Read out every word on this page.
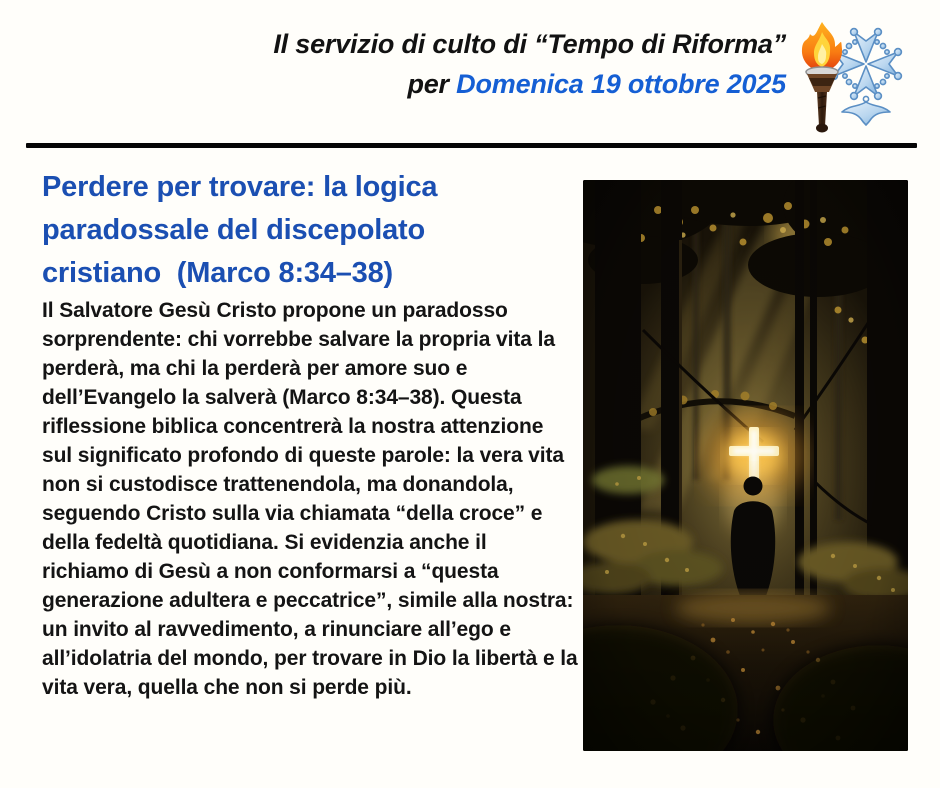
Il servizio di culto di “Tempo di Riforma”
per Domenica 19 ottobre 2025
Perdere per trovare: la logica
paradossale del discepolato
cristiano  (Marco 8:34–38)
Il Salvatore Gesù Cristo propone un paradosso sorprendente: chi vorrebbe salvare la propria vita la perderà, ma chi la perderà per amore suo e dell’Evangelo la salverà (Marco 8:34–38). Questa riflessione biblica concentrerà la nostra attenzione sul significato profondo di queste parole: la vera vita non si custodisce trattenendola, ma donandola, seguendo Cristo sulla via chiamata “della croce” e della fedeltà quotidiana. Si evidenzia anche il richiamo di Gesù a non conformarsi a “questa generazione adultera e peccatrice”, simile alla nostra: un invito al ravvedimento, a rinunciare all’ego e all’idolatria del mondo, per trovare in Dio la libertà e la vita vera, quella che non si perde più.
